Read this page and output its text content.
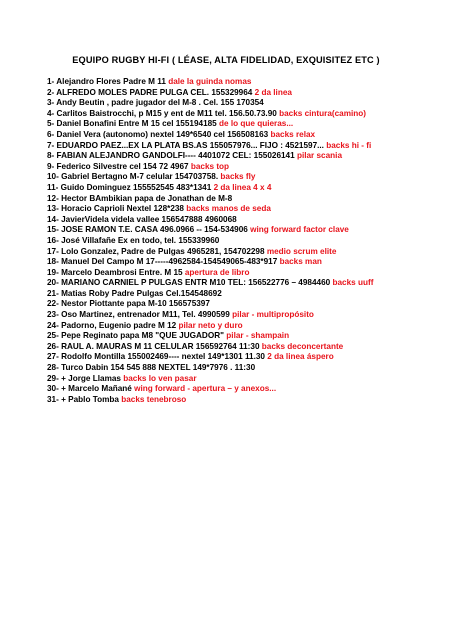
EQUIPO RUGBY HI-FI ( LÉASE, ALTA FIDELIDAD, EXQUISITEZ ETC )
1- Alejandro Flores Padre M 11 dale la guinda nomas
2- ALFREDO MOLES PADRE PULGA CEL. 155329964 2 da linea
3- Andy Beutin , padre jugador del M-8 . Cel. 155 170354
4- Carlitos Baistrocchi, p M15 y ent de M11 tel. 156.50.73.90 backs cintura(camino)
5- Daniel Bonafini Entre M 15 cel 155194185 de lo que quieras...
6- Daniel Vera (autonomo) nextel 149*6540 cel 156508163 backs relax
7- EDUARDO PAEZ...EX LA PLATA BS.AS 155057976... FIJO : 4521597... backs hi - fi
8- FABIAN ALEJANDRO GANDOLFI---- 4401072 CEL: 155026141 pilar scania
9- Federico Silvestre cel 154 72 4967 backs top
10- Gabriel Bertagno M-7 celular 154703758. backs fly
11- Guido Dominguez 155552545 483*1341 2 da linea 4 x 4
12- Hector BAmbikian papa de Jonathan de M-8
13- Horacio Caprioli Nextel 128*238 backs manos de seda
14- JavierVidela videla vallee 156547888 4960068
15- JOSE RAMON T.E. CASA 496.0966 -- 154-534906 wing forward factor clave
16- José Villafañe Ex en todo, tel. 155339960
17- Lolo Gonzalez, Padre de Pulgas 4965281, 154702298 medio scrum elite
18- Manuel Del Campo M 17-----4962584-154549065-483*917 backs man
19- Marcelo Deambrosi Entre. M 15 apertura de libro
20- MARIANO CARNIEL P PULGAS ENTR M10 TEL: 156522776 – 4984460 backs uuff
21- Matias Roby Padre Pulgas Cel.154548692
22- Nestor Piottante papa M-10 156575397
23- Oso Martinez, entrenador M11, Tel. 4990599 pilar - multipropósito
24- Padorno, Eugenio padre M 12 pilar neto y duro
25- Pepe Reginato papa M8 "QUE JUGADOR" pilar - shampain
26- RAUL A. MAURAS M 11 CELULAR 156592764 11:30 backs deconcertante
27- Rodolfo Montilla 155002469---- nextel 149*1301 11.30 2 da linea áspero
28- Turco Dabin 154 545 888 NEXTEL 149*7976 . 11:30
29- + Jorge Llamas backs lo ven pasar
30- + Marcelo Mañané wing forward - apertura – y anexos...
31- + Pablo Tomba backs tenebroso
